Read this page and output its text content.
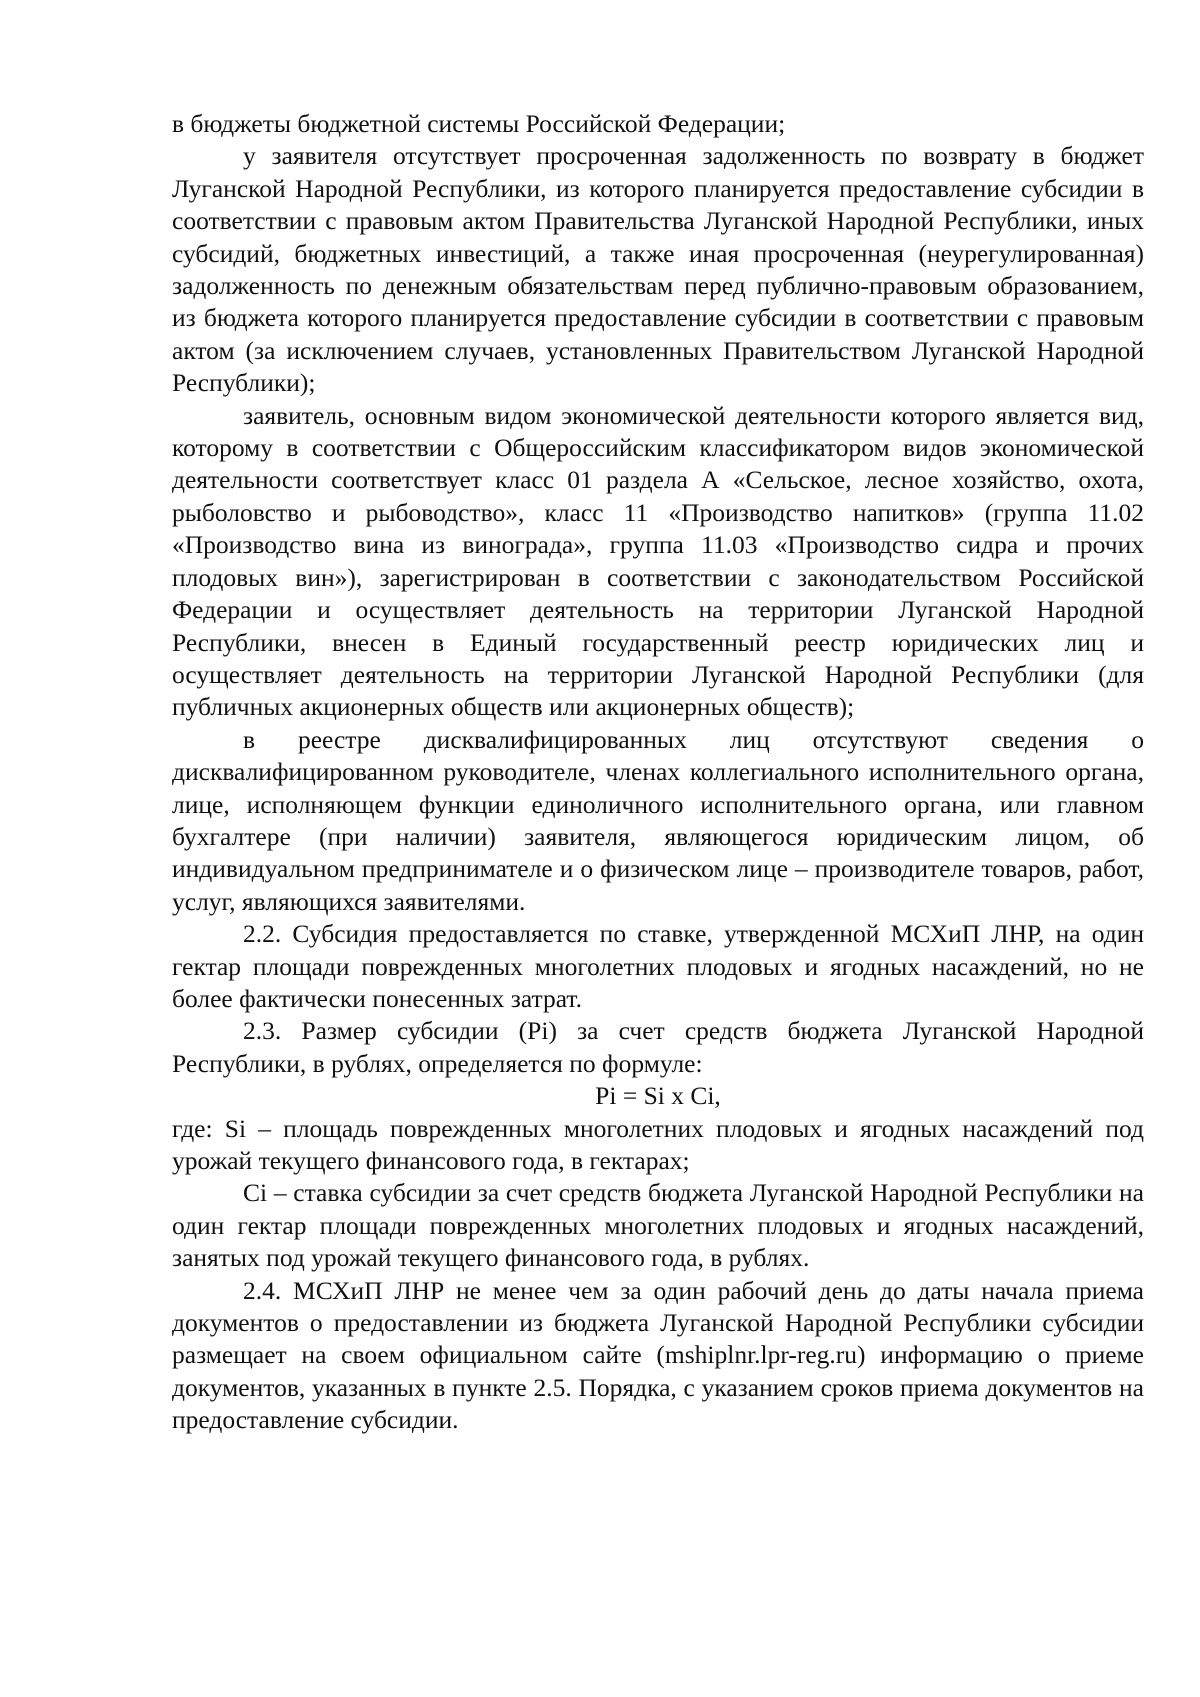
в бюджеты бюджетной системы Российской Федерации;

у заявителя отсутствует просроченная задолженность по возврату в бюджет Луганской Народной Республики, из которого планируется предоставление субсидии в соответствии с правовым актом Правительства Луганской Народной Республики, иных субсидий, бюджетных инвестиций, а также иная просроченная (неурегулированная) задолженность по денежным обязательствам перед публично-правовым образованием, из бюджета которого планируется предоставление субсидии в соответствии с правовым актом (за исключением случаев, установленных Правительством Луганской Народной Республики);

заявитель, основным видом экономической деятельности которого является вид, которому в соответствии с Общероссийским классификатором видов экономической деятельности соответствует класс 01 раздела А «Сельское, лесное хозяйство, охота, рыболовство и рыбоводство», класс 11 «Производство напитков» (группа 11.02 «Производство вина из винограда», группа 11.03 «Производство сидра и прочих плодовых вин»), зарегистрирован в соответствии с законодательством Российской Федерации и осуществляет деятельность на территории Луганской Народной Республики, внесен в Единый государственный реестр юридических лиц и осуществляет деятельность на территории Луганской Народной Республики (для публичных акционерных обществ или акционерных обществ);

в реестре дисквалифицированных лиц отсутствуют сведения о дисквалифицированном руководителе, членах коллегиального исполнительного органа, лице, исполняющем функции единоличного исполнительного органа, или главном бухгалтере (при наличии) заявителя, являющегося юридическим лицом, об индивидуальном предпринимателе и о физическом лице – производителе товаров, работ, услуг, являющихся заявителями.

2.2. Субсидия предоставляется по ставке, утвержденной МСХиП ЛНР, на один гектар площади поврежденных многолетних плодовых и ягодных насаждений, но не более фактически понесенных затрат.

2.3. Размер субсидии (Pi) за счет средств бюджета Луганской Народной Республики, в рублях, определяется по формуле:

Pi = Si x Ci,

где: Si – площадь поврежденных многолетних плодовых и ягодных насаждений под урожай текущего финансового года, в гектарах;

Ci – ставка субсидии за счет средств бюджета Луганской Народной Республики на один гектар площади поврежденных многолетних плодовых и ягодных насаждений, занятых под урожай текущего финансового года, в рублях.

2.4. МСХиП ЛНР не менее чем за один рабочий день до даты начала приема документов о предоставлении из бюджета Луганской Народной Республики субсидии размещает на своем официальном сайте (mshiplnr.lpr-reg.ru) информацию о приеме документов, указанных в пункте 2.5. Порядка, с указанием сроков приема документов на предоставление субсидии.
